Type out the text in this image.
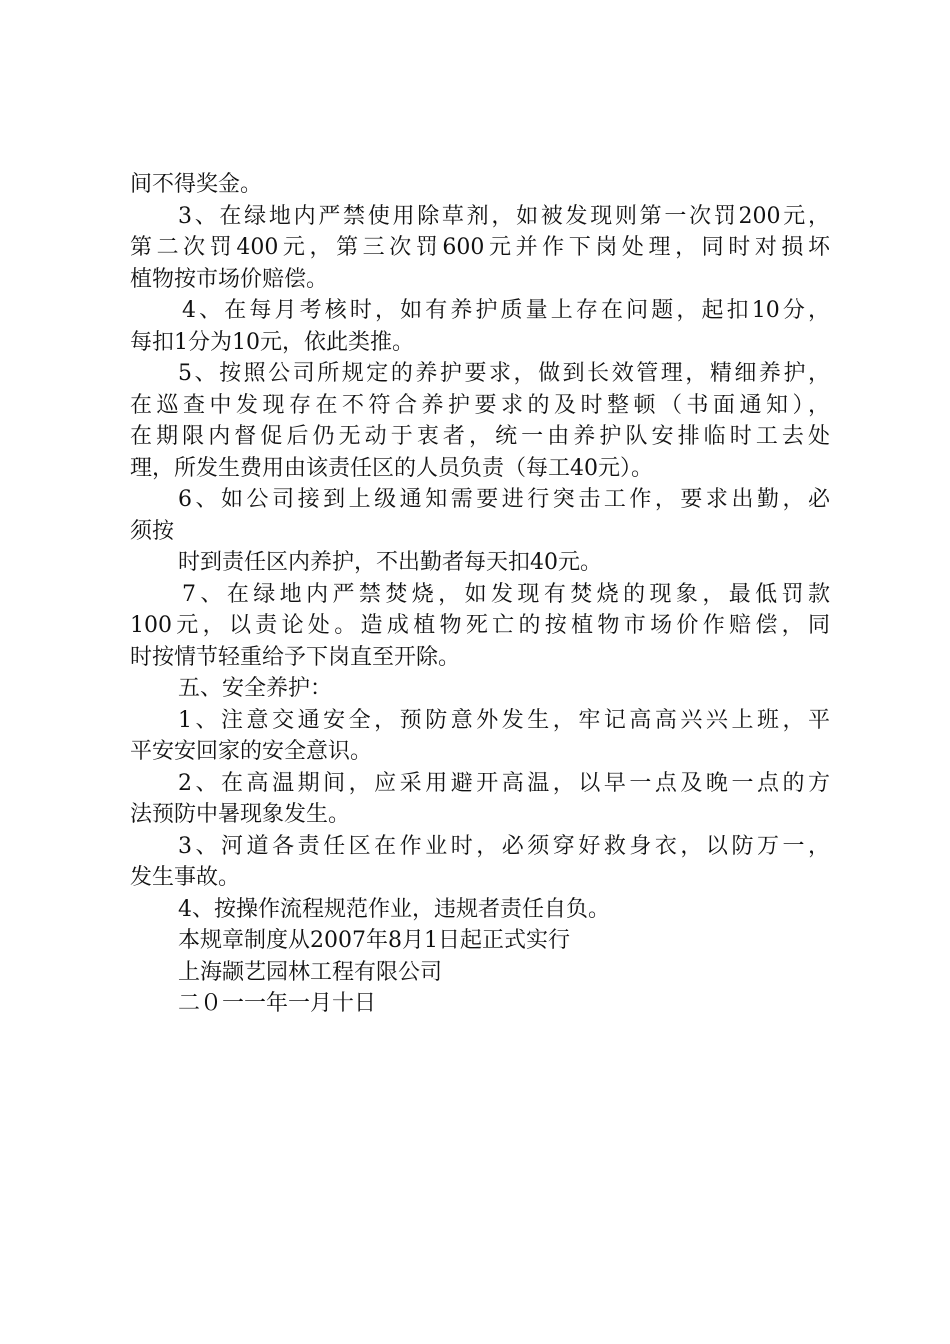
间不得奖金。
3、在绿地内严禁使用除草剂，如被发现则第一次罚200元，
第二次罚400元，第三次罚600元并作下岗处理，同时对损坏
植物按市场价赔偿。
4、在每月考核时，如有养护质量上存在问题，起扣10分，
每扣1分为10元，依此类推。
5、按照公司所规定的养护要求，做到长效管理，精细养护，
在巡查中发现存在不符合养护要求的及时整顿（书面通知），
在期限内督促后仍无动于衷者，统一由养护队安排临时工去处
理，所发生费用由该责任区的人员负责（每工40元）。
6、如公司接到上级通知需要进行突击工作，要求出勤，必
须按
时到责任区内养护，不出勤者每天扣40元。
7、在绿地内严禁焚烧，如发现有焚烧的现象，最低罚款
100元，以责论处。造成植物死亡的按植物市场价作赔偿，同
时按情节轻重给予下岗直至开除。
五、安全养护：
1、注意交通安全，预防意外发生，牢记高高兴兴上班，平
平安安回家的安全意识。
2、在高温期间，应采用避开高温，以早一点及晚一点的方
法预防中暑现象发生。
3、河道各责任区在作业时，必须穿好救身衣，以防万一，
发生事故。
4、按操作流程规范作业，违规者责任自负。
本规章制度从2007年8月1日起正式实行
上海颛艺园林工程有限公司
二０一一年一月十日
